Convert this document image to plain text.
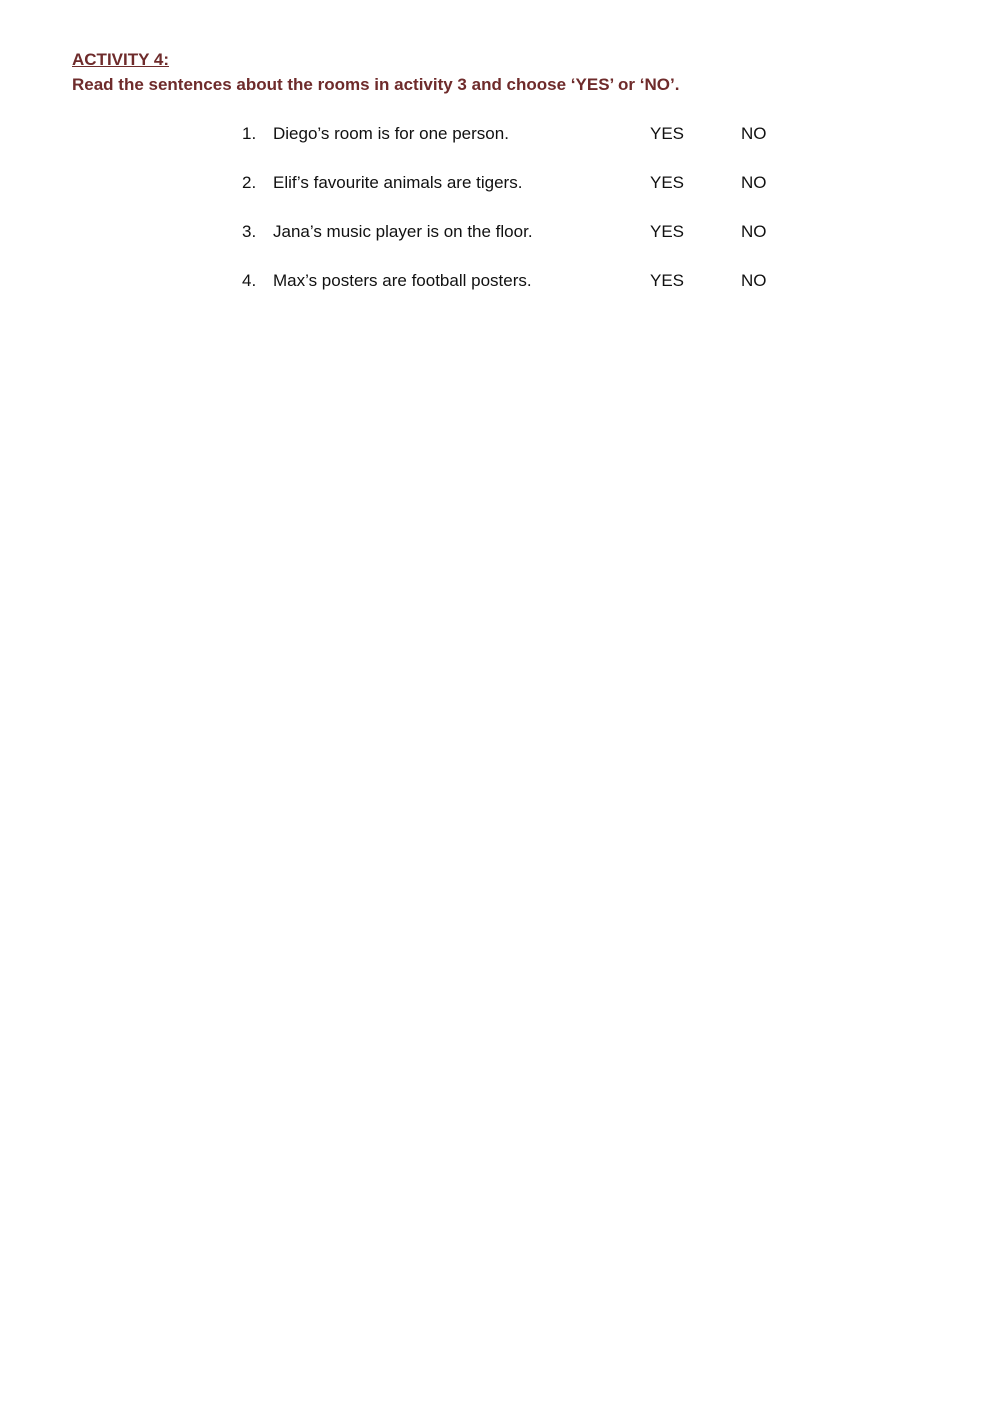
ACTIVITY 4:
Read the sentences about the rooms in activity 3 and choose ‘YES’ or ‘NO’.
1. Diego’s room is for one person.	YES	NO
2. Elif’s favourite animals are tigers.	YES	NO
3. Jana’s music player is on the floor.	YES	NO
4. Max’s posters are football posters.	YES	NO
